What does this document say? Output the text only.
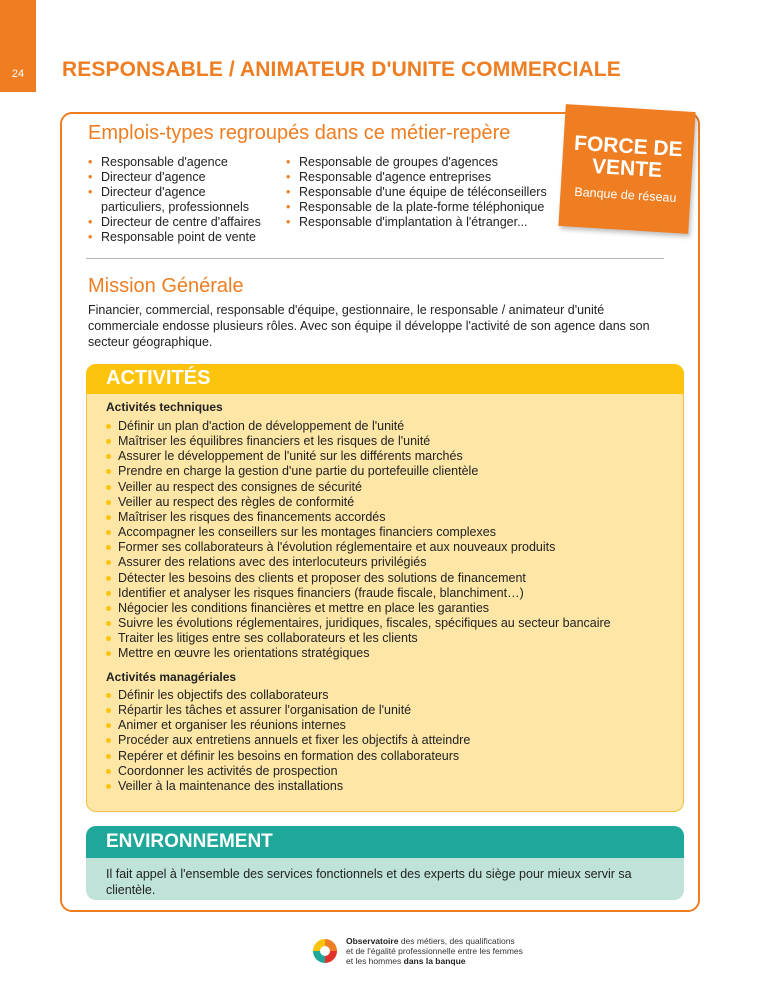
24 RESPONSABLE / ANIMATEUR D'UNITE COMMERCIALE
Emplois-types regroupés dans ce métier-repère
• Responsable d'agence
• Directeur d'agence
• Directeur d'agence particuliers, professionnels
• Directeur de centre d'affaires
• Responsable point de vente
• Responsable de groupes d'agences
• Responsable d'agence entreprises
• Responsable d'une équipe de téléconseillers
• Responsable de la plate-forme téléphonique
• Responsable d'implantation à l'étranger...
FORCE DE
VENTE
Banque de réseau
Mission Générale
Financier, commercial, responsable d'équipe, gestionnaire, le responsable / animateur d'unité commerciale endosse plusieurs rôles. Avec son équipe il développe l'activité de son agence dans son secteur géographique.
ACTIVITÉS
Activités techniques
Définir un plan d'action de développement de l'unité
Maîtriser les équilibres financiers et les risques de l'unité
Assurer le développement de l'unité sur les différents marchés
Prendre en charge la gestion d'une partie du portefeuille clientèle
Veiller au respect des consignes de sécurité
Veiller au respect des règles de conformité
Maîtriser les risques des financements accordés
Accompagner les conseillers sur les montages financiers complexes
Former ses collaborateurs à l'évolution réglementaire et aux nouveaux produits
Assurer des relations avec des interlocuteurs privilégiés
Détecter les besoins des clients et proposer des solutions de financement
Identifier et analyser les risques financiers (fraude fiscale, blanchiment…)
Négocier les conditions financières et mettre en place les garanties
Suivre les évolutions réglementaires, juridiques, fiscales, spécifiques au secteur bancaire
Traiter les litiges entre ses collaborateurs et les clients
Mettre en œuvre les orientations stratégiques
Activités managériales
Définir les objectifs des collaborateurs
Répartir les tâches et assurer l'organisation de l'unité
Animer et organiser les réunions internes
Procéder aux entretiens annuels et fixer les objectifs à atteindre
Repérer et définir les besoins en formation des collaborateurs
Coordonner les activités de prospection
Veiller à la maintenance des installations
ENVIRONNEMENT
Il fait appel à l'ensemble des services fonctionnels et des experts du siège pour mieux servir sa clientèle.
Observatoire des métiers, des qualifications
et de l'égalité professionnelle entre les femmes
et les hommes dans la banque
